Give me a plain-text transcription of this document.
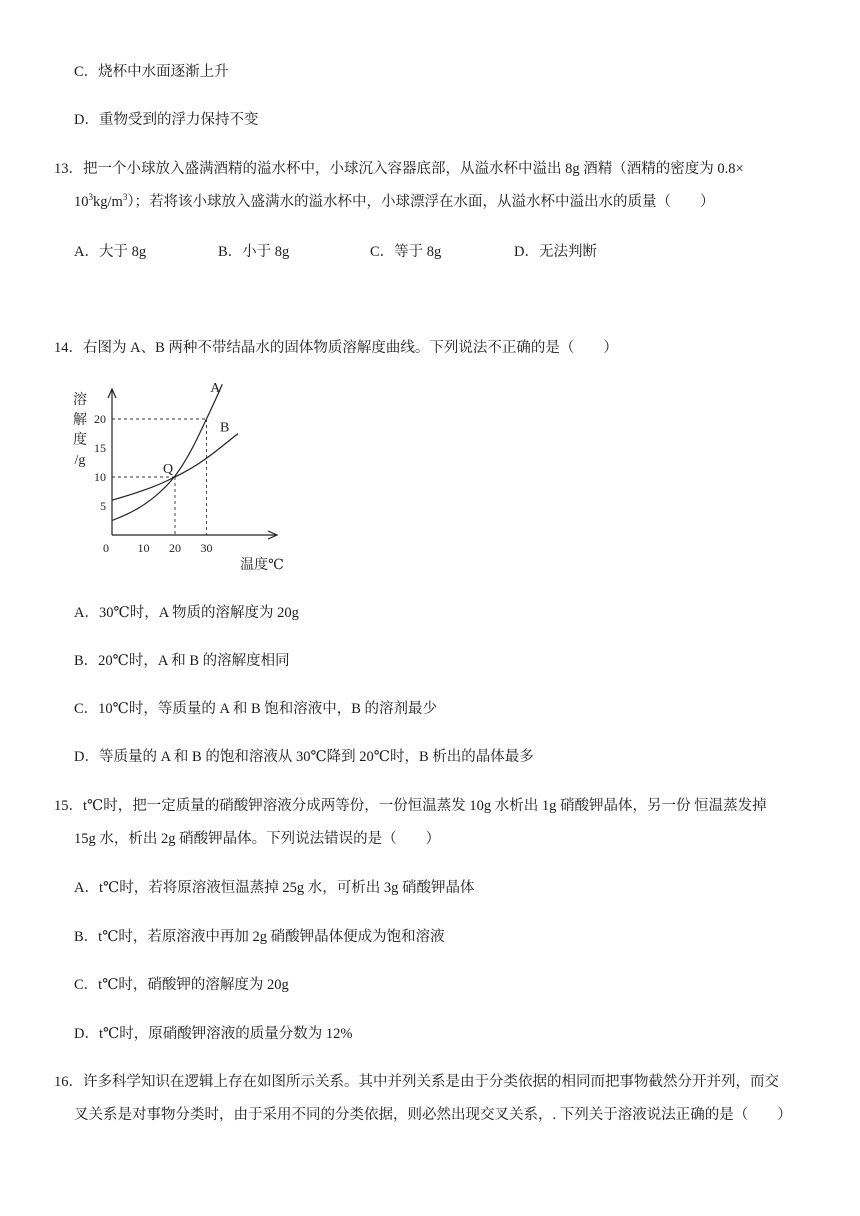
C．烧杯中水面逐渐上升
D．重物受到的浮力保持不变
13．把一个小球放入盛满酒精的溢水杯中，小球沉入容器底部，从溢水杯中溢出 8g 酒精（酒精的密度为 0.8×
$10^3kg/m^3$）；若将该小球放入盛满水的溢水杯中，小球漂浮在水面，从溢水杯中溢出水的质量（　　）
A．大于 8g	B．小于 8g	C．等于 8g	D．无法判断
14．右图为 A、B 两种不带结晶水的固体物质溶解度曲线。下列说法不正确的是（　　）
溶
解
度
/g
0 10 20 30
5
10
15
20
温度℃
A
B
Q
A．30℃时，A 物质的溶解度为 20g
B．20℃时，A 和 B 的溶解度相同
C．10℃时，等质量的 A 和 B 饱和溶液中，B 的溶剂最少
D．等质量的 A 和 B 的饱和溶液从 30℃降到 20℃时，B 析出的晶体最多
15．t℃时，把一定质量的硝酸钾溶液分成两等份，一份恒温蒸发 10g 水析出 1g 硝酸钾晶体，另一份 恒温蒸发掉
15g 水，析出 2g 硝酸钾晶体。下列说法错误的是（　　）
A．t℃时，若将原溶液恒温蒸掉 25g 水，可析出 3g 硝酸钾晶体
B．t℃时，若原溶液中再加 2g 硝酸钾晶体便成为饱和溶液
C．t℃时，硝酸钾的溶解度为 20g
D．t℃时，原硝酸钾溶液的质量分数为 12%
16．许多科学知识在逻辑上存在如图所示关系。其中并列关系是由于分类依据的相同而把事物截然分开并列，而交
叉关系是对事物分类时，由于采用不同的分类依据，则必然出现交叉关系，. 下列关于溶液说法正确的是（　　）
